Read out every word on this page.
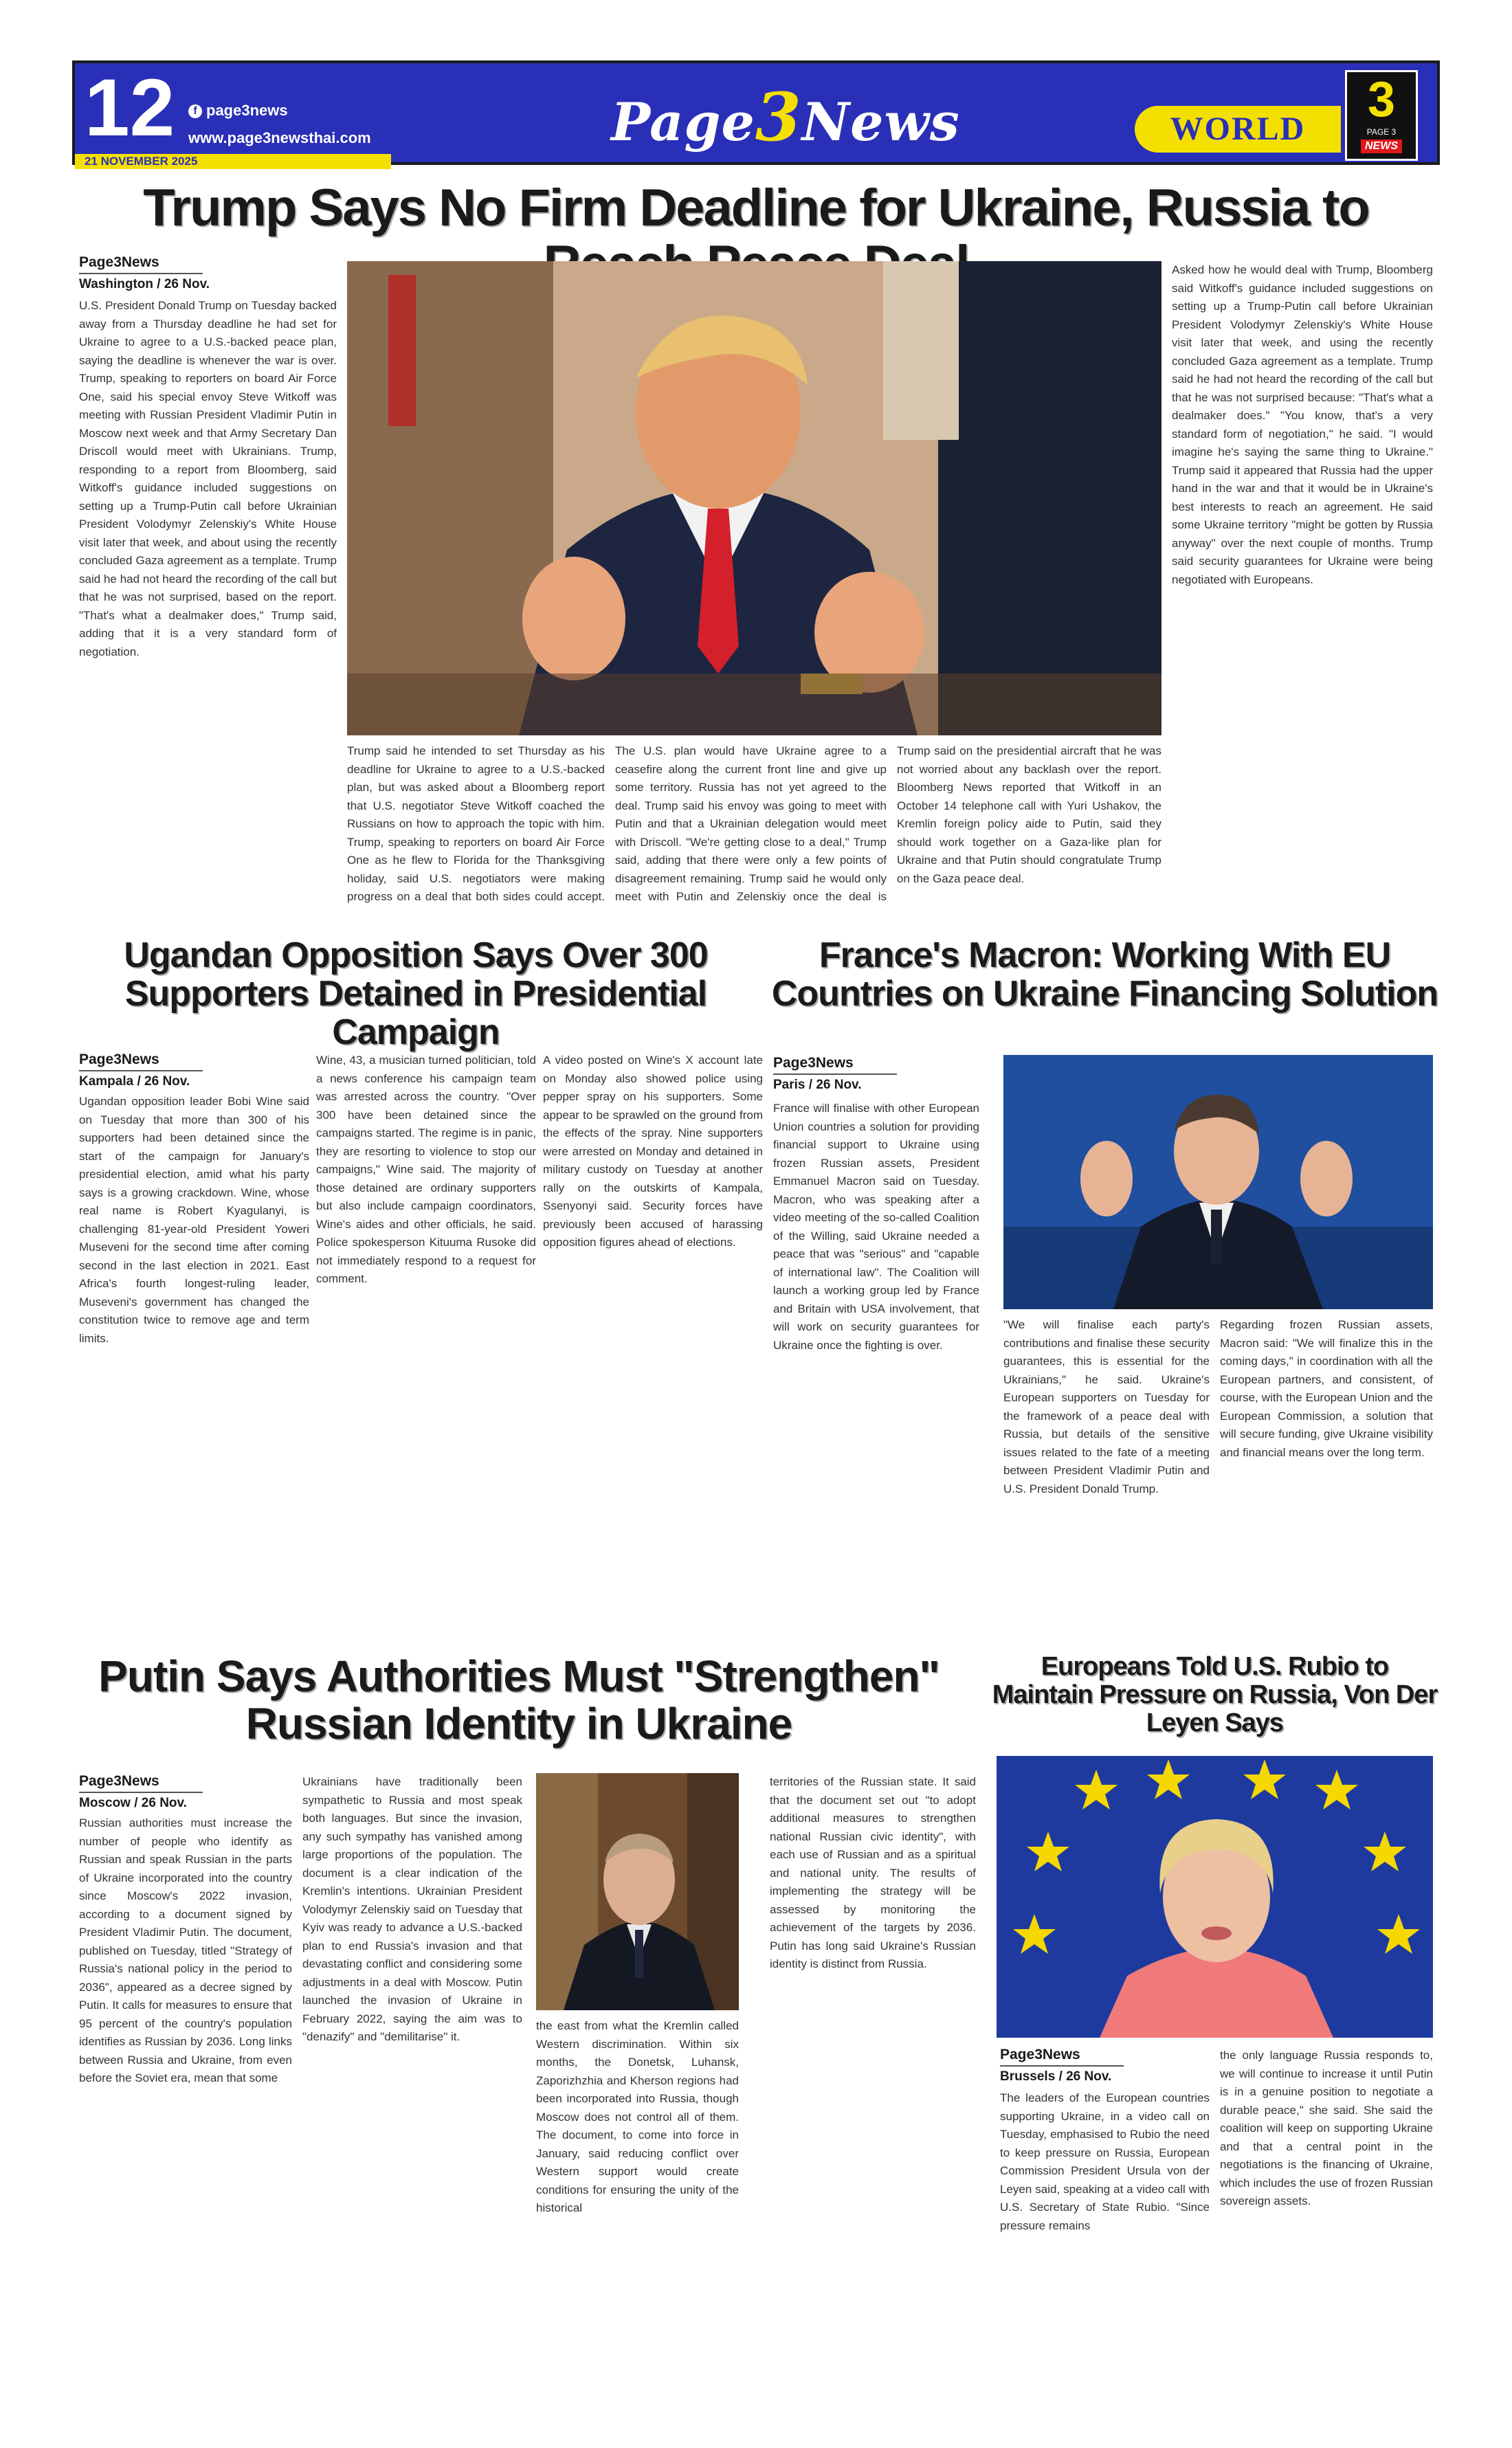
12	f page3news
www.page3newsthai.com
21 NOVEMBER 2025
Page3News	WORLD
3
PAGE 3
NEWS
Trump Says No Firm Deadline for Ukraine, Russia to
Page3News
Washington / 26 Nov.
U.S. President Donald Trump on Tuesday backed away from a Thursday deadline he had set for Ukraine to agree to a U.S.-backed peace plan, saying the deadline is whenever the war is over. Trump, speaking to reporters on board Air Force One, said his special envoy Steve Witkoff was meeting with Russian President Vladimir Putin in Moscow next week and that Army Secretary Dan Driscoll would meet with Ukrainians. Trump, responding to a report from Bloomberg, said Witkoff's guidance included suggestions on setting up a Trump-Putin call before Ukrainian President Volodymyr Zelenskiy's White House visit later that week, and about using the recently concluded Gaza agreement as a template. Trump said he had not heard the recording of the call but that he was not surprised, based on the report. "That's what a dealmaker does," Trump said, adding that it is a very standard form of negotiation.
Asked how he would deal with Trump, Bloomberg said Witkoff's guidance included suggestions on setting up a Trump-Putin call before Ukrainian President Volodymyr Zelenskiy's White House visit later that week, and using the recently concluded Gaza agreement as a template. Trump said he had not heard the recording of the call but that he was not surprised because: "That's what a dealmaker does." "You know, that's a very standard form of negotiation," he said. "I would imagine he's saying the same thing to Ukraine." Trump said it appeared that Russia had the upper hand in the war and that it would be in Ukraine's best interests to reach an agreement. He said some Ukraine territory "might be gotten by Russia anyway" over the next couple of months. Trump said security guarantees for Ukraine were being negotiated with Europeans.
Trump said he intended to set Thursday as his deadline for Ukraine to agree to a U.S.-backed plan, but was asked about a Bloomberg report that U.S. negotiator Steve Witkoff coached the Russians on how to approach the topic with him. Trump, speaking to reporters on board Air Force One as he flew to Florida for the Thanksgiving holiday, said U.S. negotiators were making progress on a deal that both sides could accept.
The U.S. plan would have Ukraine agree to a ceasefire along the current front line and give up some territory. Russia has not yet agreed to the deal. Trump said his envoy was going to meet with Putin and that a Ukrainian delegation would meet with Driscoll. "We're getting close to a deal," Trump said, adding that there were only a few points of disagreement remaining. Trump said he would only meet with Putin and Zelenskiy once the deal is
Trump said on the presidential aircraft that he was not worried about any backlash over the report. Bloomberg News reported that Witkoff in an October 14 telephone call with Yuri Ushakov, the Kremlin foreign policy aide to Putin, said they should work together on a Gaza-like plan for Ukraine and that Putin should congratulate Trump on the Gaza peace deal.
Ugandan Opposition Says Over 300 Supporters Detained in Presidential Campaign
Page3News
Kampala / 26 Nov.
Ugandan opposition leader Bobi Wine said on Tuesday that more than 300 of his supporters had been detained since the start of the campaign for January's presidential election, amid what his party says is a growing crackdown. Wine, whose real name is Robert Kyagulanyi, is challenging 81-year-old President Yoweri Museveni for the second time after coming second in the last election in 2021. East Africa's fourth longest-ruling leader, Museveni's government has changed the constitution twice to remove age and term limits.
Wine, 43, a musician turned politician, told a news conference his campaign team was arrested across the country. "Over 300 have been detained since the campaigns started. The regime is in panic, they are resorting to violence to stop our campaigns," Wine said. The majority of those detained are ordinary supporters but also include campaign coordinators, Wine's aides and other officials, he said. Police spokesperson Kituuma Rusoke did not immediately respond to a request for comment.
A video posted on Wine's X account late on Monday also showed police using pepper spray on his supporters. Some appear to be sprawled on the ground from the effects of the spray. Nine supporters were arrested on Monday and detained in military custody on Tuesday at another rally on the outskirts of Kampala, Ssenyonyi said. Security forces have previously been accused of harassing opposition figures ahead of elections.
France's Macron: Working With EU Countries on Ukraine Financing Solution
Page3News
Paris / 26 Nov.
France will finalise with other European Union countries a solution for providing financial support to Ukraine using frozen Russian assets, President Emmanuel Macron said on Tuesday. Macron, who was speaking after a video meeting of the so-called Coalition of the Willing, said Ukraine needed a peace that was "serious" and "capable of international law". The Coalition will launch a working group led by France and Britain with USA involvement, that will work on security guarantees for Ukraine once the fighting is over.
"We will finalise each party's contributions and finalise these security guarantees, this is essential for the Ukrainians," he said. Ukraine's European supporters on Tuesday for the framework of a peace deal with Russia, but details of the sensitive issues related to the fate of a meeting between President Vladimir Putin and U.S. President Donald Trump.
Regarding frozen Russian assets, Macron said: "We will finalize this in the coming days," in coordination with all the European partners, and consistent, of course, with the European Union and the European Commission, a solution that will secure funding, give Ukraine visibility and financial means over the long term.
Putin Says Authorities Must "Strengthen" Russian Identity in Ukraine
Page3News
Moscow / 26 Nov.
Russian authorities must increase the number of people who identify as Russian and speak Russian in the parts of Ukraine incorporated into the country since Moscow's 2022 invasion, according to a document signed by President Vladimir Putin. The document, published on Tuesday, titled "Strategy of Russia's national policy in the period to 2036", appeared as a decree signed by Putin. It calls for measures to ensure that 95 percent of the country's population identifies as Russian by 2036. Long links between Russia and Ukraine, from even before the Soviet era, mean that some
Ukrainians have traditionally been sympathetic to Russia and most speak both languages. But since the invasion, any such sympathy has vanished among large proportions of the population. The document is a clear indication of the Kremlin's intentions. Ukrainian President Volodymyr Zelenskiy said on Tuesday that Kyiv was ready to advance a U.S.-backed plan to end Russia's invasion and that devastating conflict and considering some adjustments in a deal with Moscow. Putin launched the invasion of Ukraine in February 2022, saying the aim was to "denazify" and "demilitarise" it.
the east from what the Kremlin called Western discrimination. Within six months, the Donetsk, Luhansk, Zaporizhzhia and Kherson regions had been incorporated into Russia, though Moscow does not control all of them. The document, to come into force in January, said reducing conflict over Western support would create conditions for ensuring the unity of the historical
territories of the Russian state. It said that the document set out "to adopt additional measures to strengthen national Russian civic identity", with each use of Russian and as a spiritual and national unity. The results of implementing the strategy will be assessed by monitoring the achievement of the targets by 2036. Putin has long said Ukraine's Russian identity is distinct from Russia.
Europeans Told U.S. Rubio to Maintain Pressure on Russia, Von Der Leyen Says
Page3News
Brussels / 26 Nov.
The leaders of the European countries supporting Ukraine, in a video call on Tuesday, emphasised to Rubio the need to keep pressure on Russia, European Commission President Ursula von der Leyen said, speaking at a video call with U.S. Secretary of State Rubio. "Since pressure remains
the only language Russia responds to, we will continue to increase it until Putin is in a genuine position to negotiate a durable peace," she said. She said the coalition will keep on supporting Ukraine and that a central point in the negotiations is the financing of Ukraine, which includes the use of frozen Russian sovereign assets.
